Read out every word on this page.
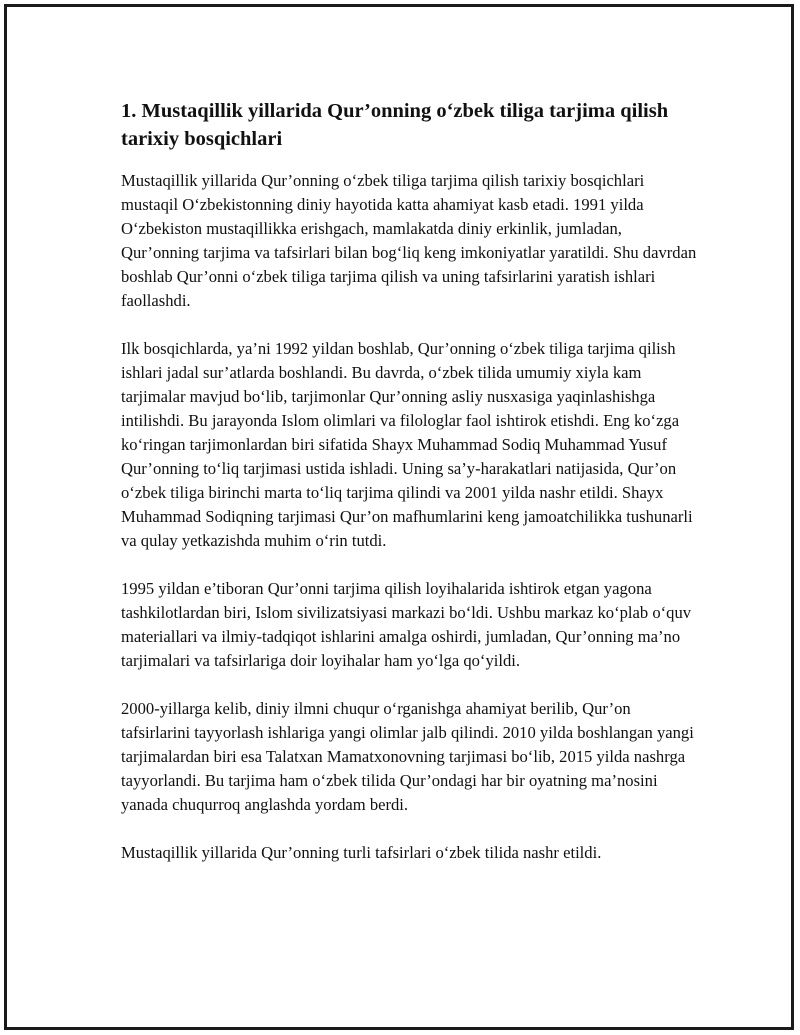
1. Mustaqillik yillarida Qur’onning o‘zbek tiliga tarjima qilish tarixiy bosqichlari

Mustaqillik yillarida Qur’onning o‘zbek tiliga tarjima qilish tarixiy bosqichlari mustaqil O‘zbekistonning diniy hayotida katta ahamiyat kasb etadi. 1991 yilda O‘zbekiston mustaqillikka erishgach, mamlakatda diniy erkinlik, jumladan, Qur’onning tarjima va tafsirlari bilan bog‘liq keng imkoniyatlar yaratildi. Shu davrdan boshlab Qur’onni o‘zbek tiliga tarjima qilish va uning tafsirlarini yaratish ishlari faollashdi.

Ilk bosqichlarda, ya’ni 1992 yildan boshlab, Qur’onning o‘zbek tiliga tarjima qilish ishlari jadal sur’atlarda boshlandi. Bu davrda, o‘zbek tilida umumiy xiyla kam tarjimalar mavjud bo‘lib, tarjimonlar Qur’onning asliy nusxasiga yaqinlashishga intilishdi. Bu jarayonda Islom olimlari va filologlar faol ishtirok etishdi. Eng ko‘zga ko‘ringan tarjimonlardan biri sifatida Shayx Muhammad Sodiq Muhammad Yusuf Qur’onning to‘liq tarjimasi ustida ishladi. Uning sa’y-harakatlari natijasida, Qur’on o‘zbek tiliga birinchi marta to‘liq tarjima qilindi va 2001 yilda nashr etildi. Shayx Muhammad Sodiqning tarjimasi Qur’on mafhumlarini keng jamoatchilikka tushunarli va qulay yetkazishda muhim o‘rin tutdi.

1995 yildan e’tiboran Qur’onni tarjima qilish loyihalarida ishtirok etgan yagona tashkilotlardan biri, Islom sivilizatsiyasi markazi bo‘ldi. Ushbu markaz ko‘plab o‘quv materiallari va ilmiy-tadqiqot ishlarini amalga oshirdi, jumladan, Qur’onning ma’no tarjimalari va tafsirlariga doir loyihalar ham yo‘lga qo‘yildi.

2000-yillarga kelib, diniy ilmni chuqur o‘rganishga ahamiyat berilib, Qur’on tafsirlarini tayyorlash ishlariga yangi olimlar jalb qilindi. 2010 yilda boshlangan yangi tarjimalardan biri esa Talatxan Mamatxonovning tarjimasi bo‘lib, 2015 yilda nashrga tayyorlandi. Bu tarjima ham o‘zbek tilida Qur’ondagi har bir oyatning ma’nosini yanada chuqurroq anglashda yordam berdi.

Mustaqillik yillarida Qur’onning turli tafsirlari o‘zbek tilida nashr etildi.
